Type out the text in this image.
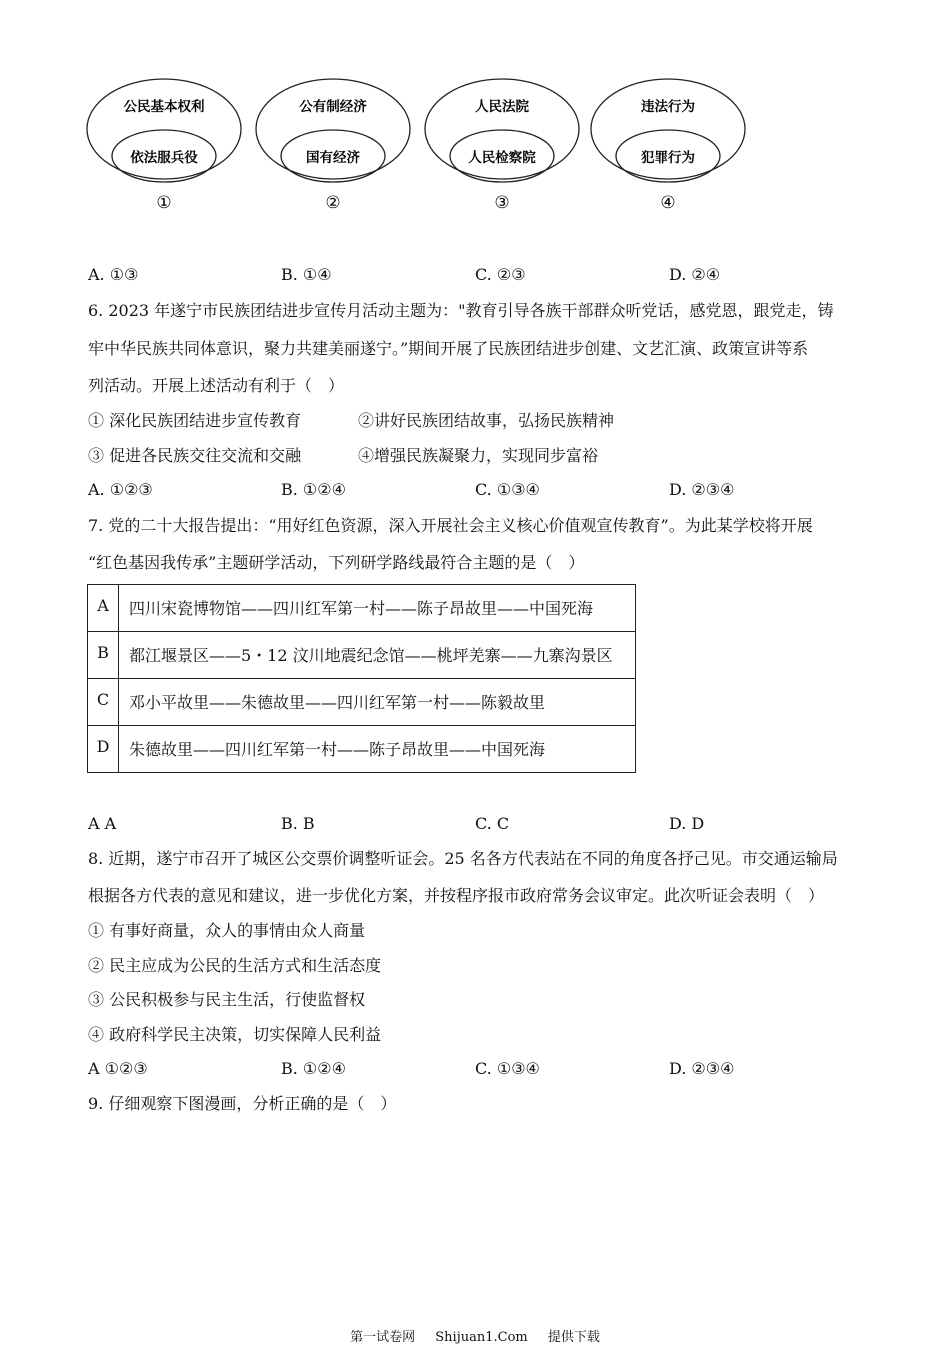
公民基本权利
依法服兵役
①
公有制经济
国有经济
②
人民法院
人民检察院
③
违法行为
犯罪行为
④
A. ①③	B. ①④	C. ②③	D. ②④
6. 2023 年遂宁市民族团结进步宣传月活动主题为："教育引导各族干部群众听党话，感党恩，跟党走，铸
牢中华民族共同体意识，聚力共建美丽遂宁。”期间开展了民族团结进步创建、文艺汇演、政策宣讲等系
列活动。开展上述活动有利于（　）
① 深化民族团结进步宣传教育	②讲好民族团结故事，弘扬民族精神
③ 促进各民族交往交流和交融	④增强民族凝聚力，实现同步富裕
A. ①②③	B. ①②④	C. ①③④	D. ②③④
7. 党的二十大报告提出：“用好红色资源，深入开展社会主义核心价值观宣传教育”。为此某学校将开展
“红色基因我传承”主题研学活动，下列研学路线最符合主题的是（　）
A	四川宋瓷博物馆——四川红军第一村——陈子昂故里——中国死海
B	都江堰景区——5・12 汶川地震纪念馆——桃坪羌寨——九寨沟景区
C	邓小平故里——朱德故里——四川红军第一村——陈毅故里
D	朱德故里——四川红军第一村——陈子昂故里——中国死海
A A	B. B	C. C	D. D
8. 近期，遂宁市召开了城区公交票价调整听证会。25 名各方代表站在不同的角度各抒己见。市交通运输局
根据各方代表的意见和建议，进一步优化方案，并按程序报市政府常务会议审定。此次听证会表明（　）
① 有事好商量，众人的事情由众人商量
② 民主应成为公民的生活方式和生活态度
③ 公民积极参与民主生活，行使监督权
④ 政府科学民主决策，切实保障人民利益
A ①②③	B. ①②④	C. ①③④	D. ②③④
9. 仔细观察下图漫画，分析正确的是（　）
第一试卷网 Shijuan1.Com 提供下载
